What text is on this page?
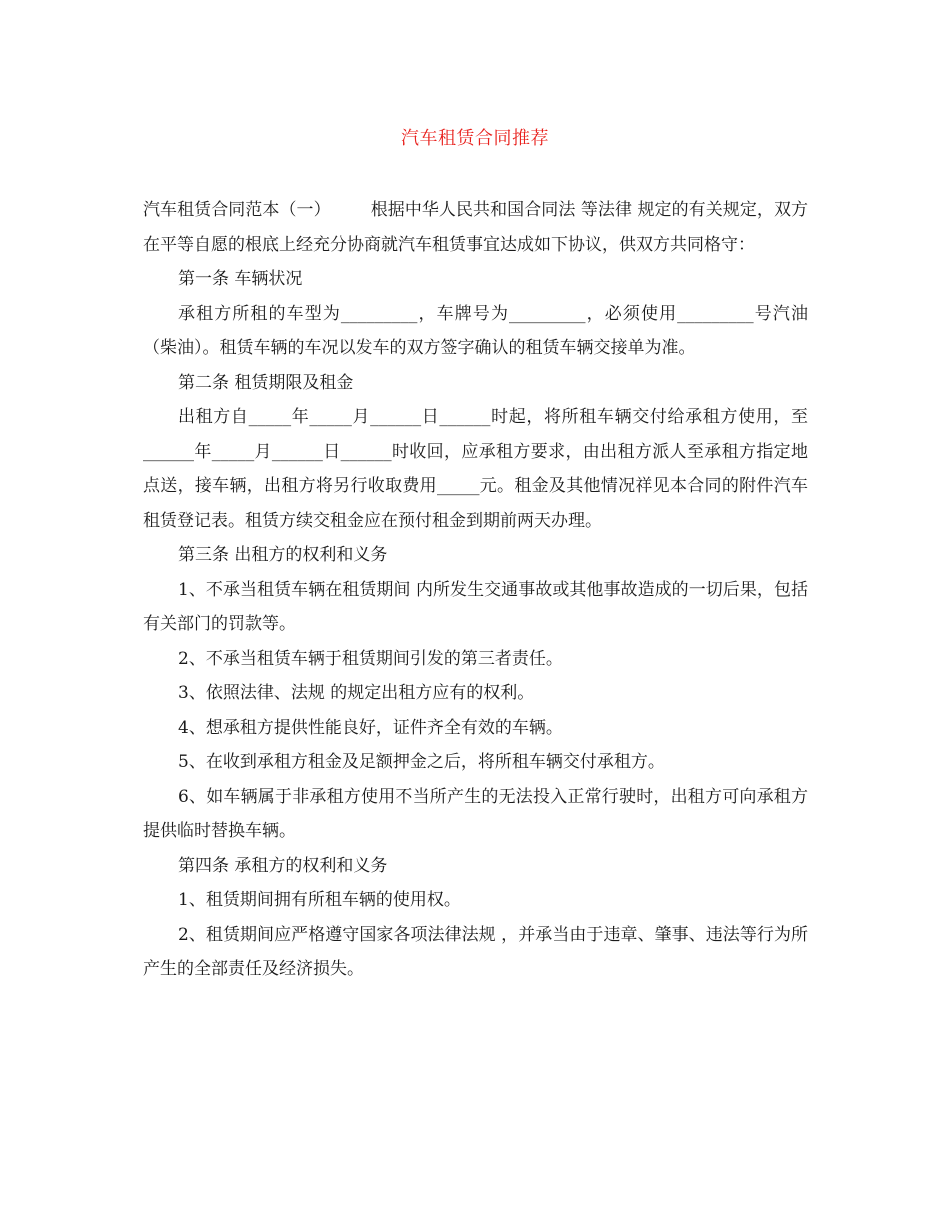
汽车租赁合同推荐

汽车租赁合同范本（一） 根据中华人民共和国合同法 等法律 规定的有关规定，双方在平等自愿的根底上经充分协商就汽车租赁事宜达成如下协议，供双方共同格守：

第一条 车辆状况

承租方所租的车型为_________，车牌号为_________，必须使用_________号汽油（柴油）。租赁车辆的车况以发车的双方签字确认的租赁车辆交接单为准。

第二条 租赁期限及租金

出租方自_____年_____月______日______时起，将所租车辆交付给承租方使用，至______年_____月______日______时收回，应承租方要求，由出租方派人至承租方指定地点送，接车辆，出租方将另行收取费用_____元。租金及其他情况祥见本合同的附件汽车租赁登记表。租赁方续交租金应在预付租金到期前两天办理。

第三条 出租方的权利和义务

1、不承当租赁车辆在租赁期间 内所发生交通事故或其他事故造成的一切后果，包括有关部门的罚款等。

2、不承当租赁车辆于租赁期间引发的第三者责任。

3、依照法律、法规 的规定出租方应有的权利。

4、想承租方提供性能良好，证件齐全有效的车辆。

5、在收到承租方租金及足额押金之后，将所租车辆交付承租方。

6、如车辆属于非承租方使用不当所产生的无法投入正常行驶时，出租方可向承租方提供临时替换车辆。

第四条 承租方的权利和义务

1、租赁期间拥有所租车辆的使用权。

2、租赁期间应严格遵守国家各项法律法规 ，并承当由于违章、肇事、违法等行为所产生的全部责任及经济损失。
